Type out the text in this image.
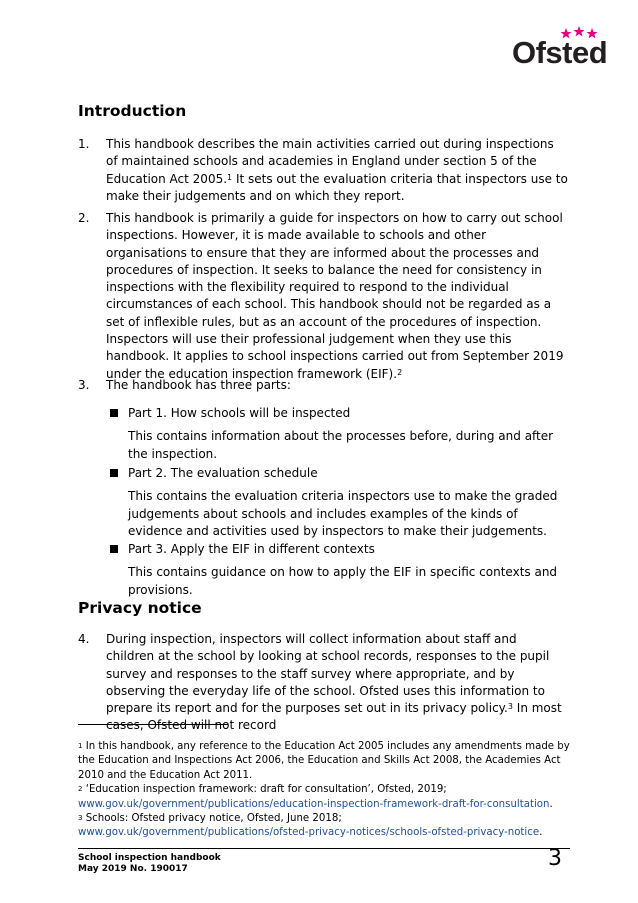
Ofsted
Introduction
1. This handbook describes the main activities carried out during inspections of maintained schools and academies in England under section 5 of the Education Act 2005.$^1$ It sets out the evaluation criteria that inspectors use to make their judgements and on which they report.
2. This handbook is primarily a guide for inspectors on how to carry out school inspections. However, it is made available to schools and other organisations to ensure that they are informed about the processes and procedures of inspection. It seeks to balance the need for consistency in inspections with the flexibility required to respond to the individual circumstances of each school. This handbook should not be regarded as a set of inflexible rules, but as an account of the procedures of inspection. Inspectors will use their professional judgement when they use this handbook. It applies to school inspections carried out from September 2019 under the education inspection framework (EIF).$^2$
3. The handbook has three parts:
Part 1. How schools will be inspected
This contains information about the processes before, during and after the inspection.
Part 2. The evaluation schedule
This contains the evaluation criteria inspectors use to make the graded judgements about schools and includes examples of the kinds of evidence and activities used by inspectors to make their judgements.
Part 3. Apply the EIF in different contexts
This contains guidance on how to apply the EIF in specific contexts and provisions.
Privacy notice
4. During inspection, inspectors will collect information about staff and children at the school by looking at school records, responses to the pupil survey and responses to the staff survey where appropriate, and by observing the everyday life of the school. Ofsted uses this information to prepare its report and for the purposes set out in its privacy policy.$^3$ In most cases, Ofsted will not record
$^1$ In this handbook, any reference to the Education Act 2005 includes any amendments made by the Education and Inspections Act 2006, the Education and Skills Act 2008, the Academies Act 2010 and the Education Act 2011.
$^2$ ‘Education inspection framework: draft for consultation’, Ofsted, 2019;
www.gov.uk/government/publications/education-inspection-framework-draft-for-consultation.
$^3$ Schools: Ofsted privacy notice, Ofsted, June 2018;
www.gov.uk/government/publications/ofsted-privacy-notices/schools-ofsted-privacy-notice.
School inspection handbook
May 2019 No. 190017	3
